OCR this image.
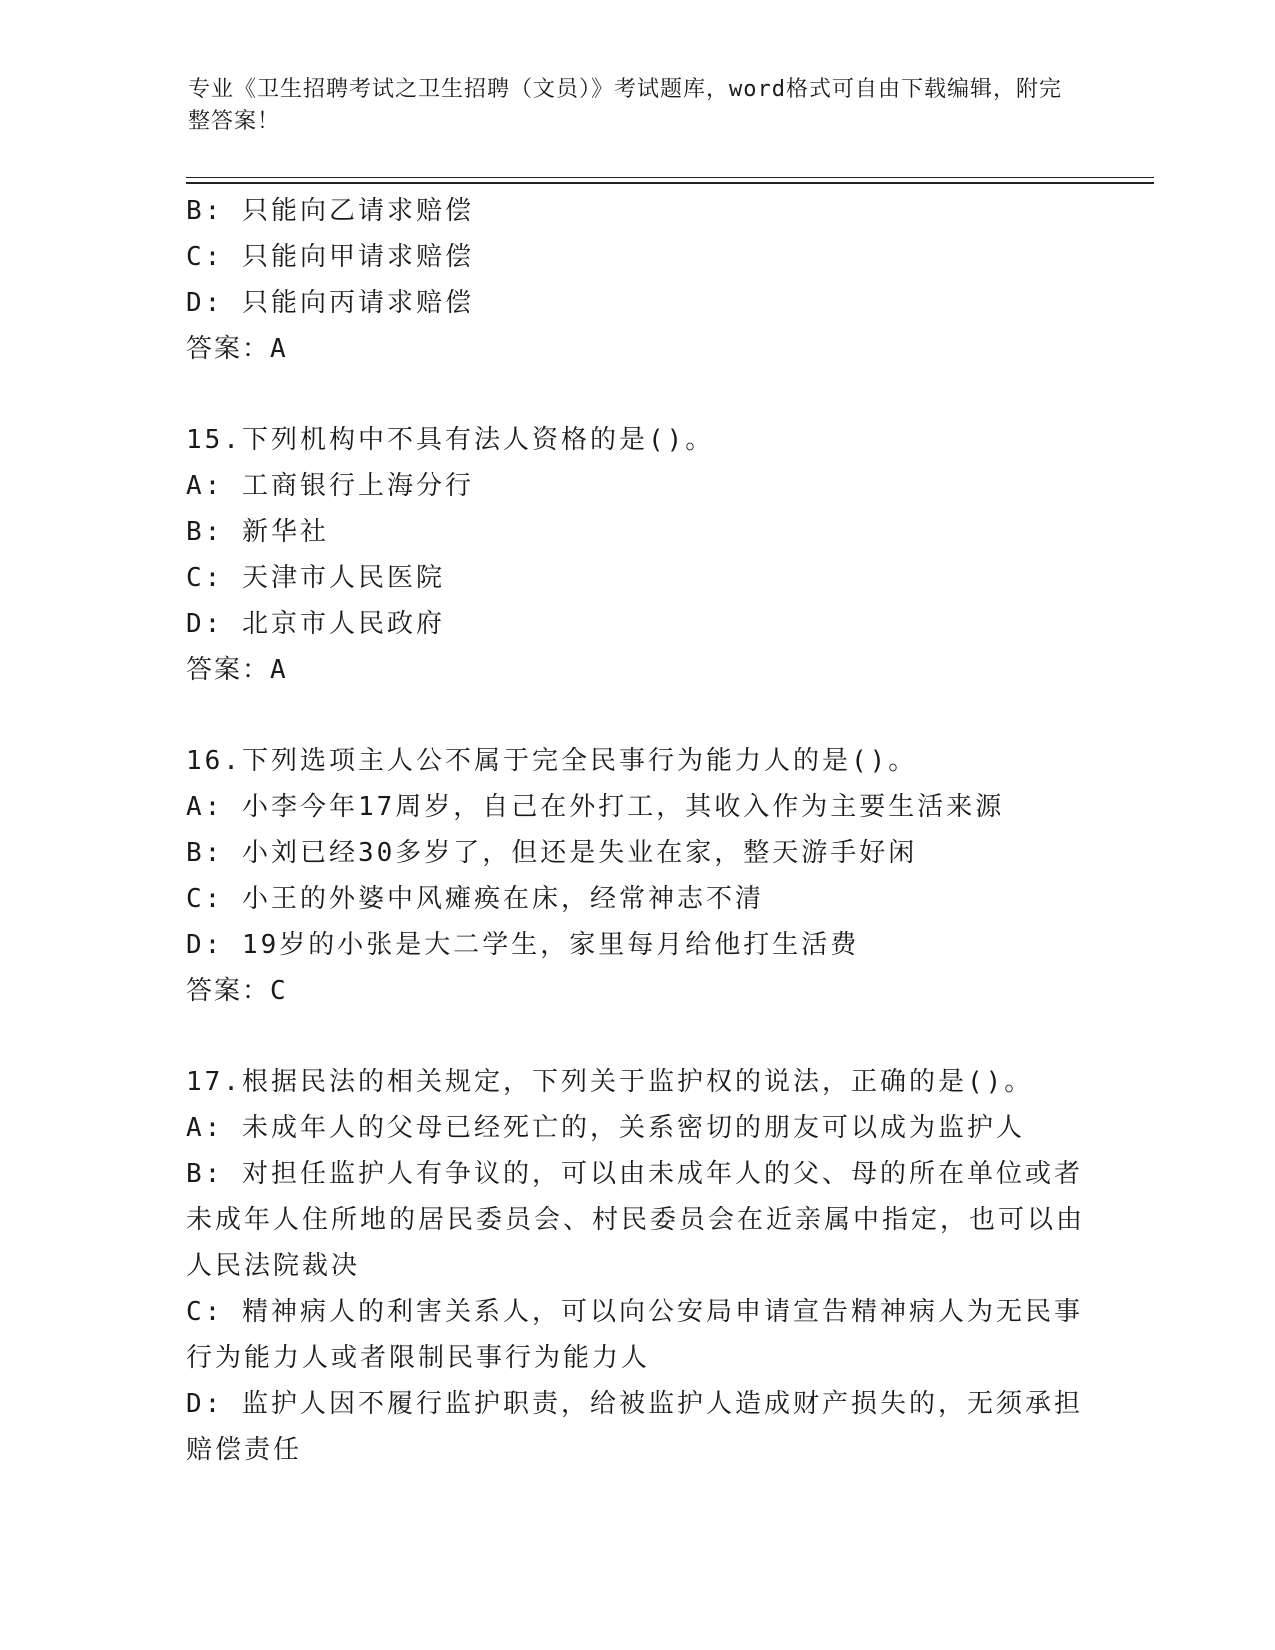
专业《卫生招聘考试之卫生招聘（文员）》考试题库，word格式可自由下载编辑，附完整答案！
B: 只能向乙请求赔偿
C: 只能向甲请求赔偿
D: 只能向丙请求赔偿
答案：A
15.下列机构中不具有法人资格的是()。
A: 工商银行上海分行
B: 新华社
C: 天津市人民医院
D: 北京市人民政府
答案：A
16.下列选项主人公不属于完全民事行为能力人的是()。
A: 小李今年17周岁，自己在外打工，其收入作为主要生活来源
B: 小刘已经30多岁了，但还是失业在家，整天游手好闲
C: 小王的外婆中风瘫痪在床，经常神志不清
D: 19岁的小张是大二学生，家里每月给他打生活费
答案：C
17.根据民法的相关规定，下列关于监护权的说法，正确的是()。
A: 未成年人的父母已经死亡的，关系密切的朋友可以成为监护人
B: 对担任监护人有争议的，可以由未成年人的父、母的所在单位或者未成年人住所地的居民委员会、村民委员会在近亲属中指定，也可以由人民法院裁决
C: 精神病人的利害关系人，可以向公安局申请宣告精神病人为无民事行为能力人或者限制民事行为能力人
D: 监护人因不履行监护职责，给被监护人造成财产损失的，无须承担赔偿责任
